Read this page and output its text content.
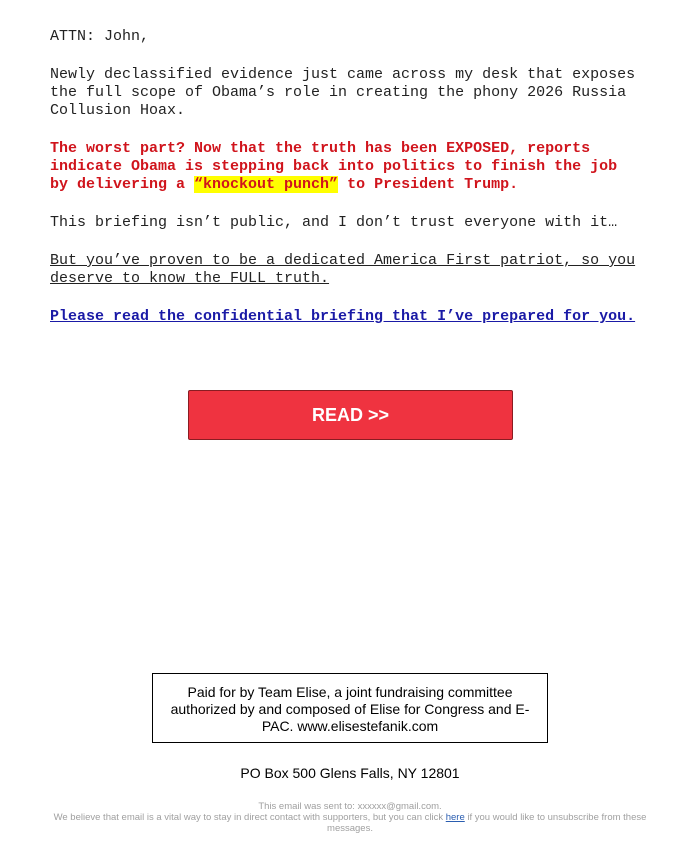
ATTN: John,

Newly declassified evidence just came across my desk that exposes the full scope of Obama’s role in creating the phony 2026 Russia Collusion Hoax.

The worst part? Now that the truth has been EXPOSED, reports indicate Obama is stepping back into politics to finish the job by delivering a “knockout punch” to President Trump.

This briefing isn’t public, and I don’t trust everyone with it…

But you’ve proven to be a dedicated America First patriot, so you deserve to know the FULL truth.

Please read the confidential briefing that I’ve prepared for you.

READ >>
Paid for by Team Elise, a joint fundraising committee authorized by and composed of Elise for Congress and E-PAC. www.elisestefanik.com
PO Box 500 Glens Falls, NY 12801
This email was sent to: xxxxxx@gmail.com.
We believe that email is a vital way to stay in direct contact with supporters, but you can click here if you would like to unsubscribe from these messages.
